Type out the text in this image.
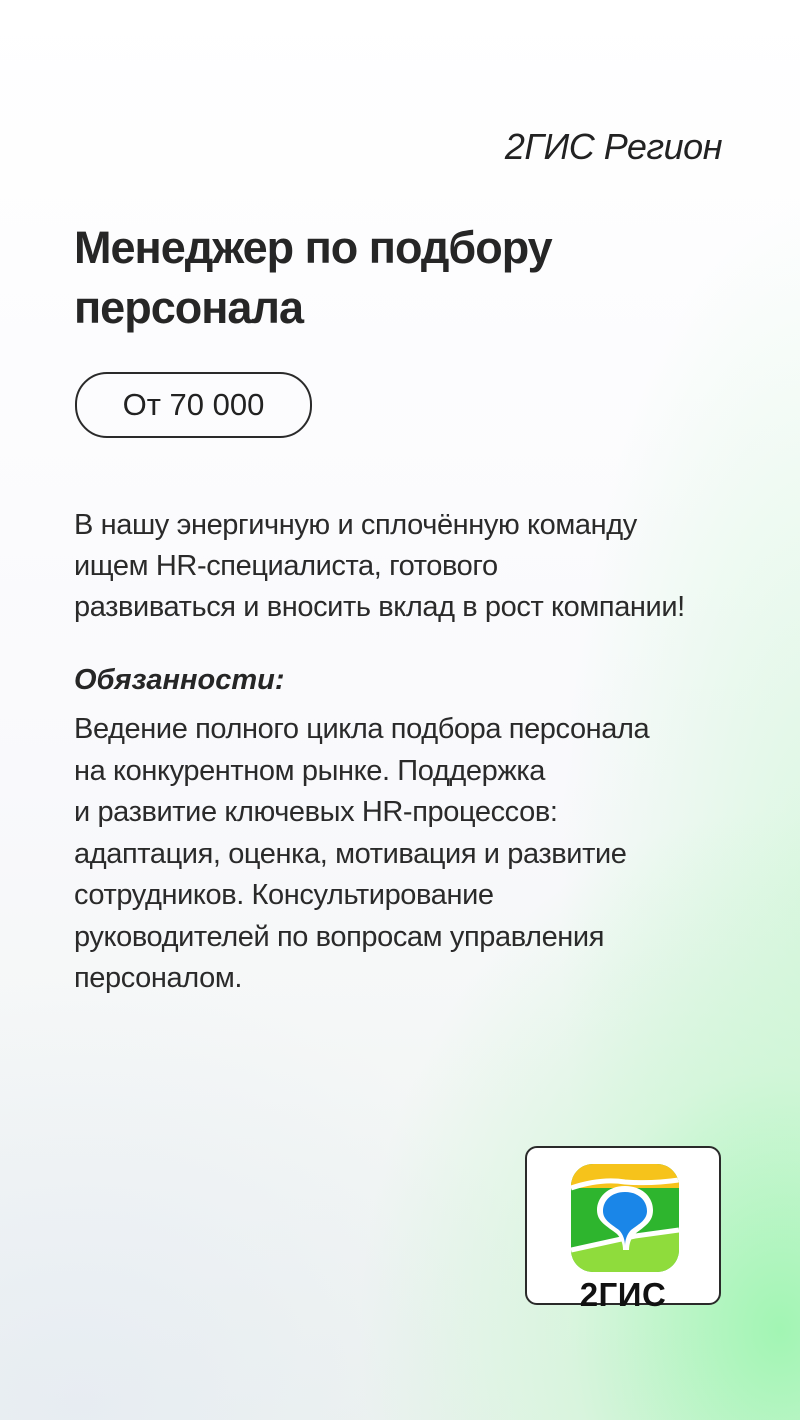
2ГИС Регион
Менеджер по подбору
персонала
От 70 000

В нашу энергичную и сплочённую команду
ищем HR-специалиста, готового
развиваться и вносить вклад в рост компании!

Обязанности:

Ведение полного цикла подбора персонала
на конкурентном рынке. Поддержка
и развитие ключевых HR-процессов:
адаптация, оценка, мотивация и развитие
сотрудников. Консультирование
руководителей по вопросам управления
персоналом.

2ГИС
